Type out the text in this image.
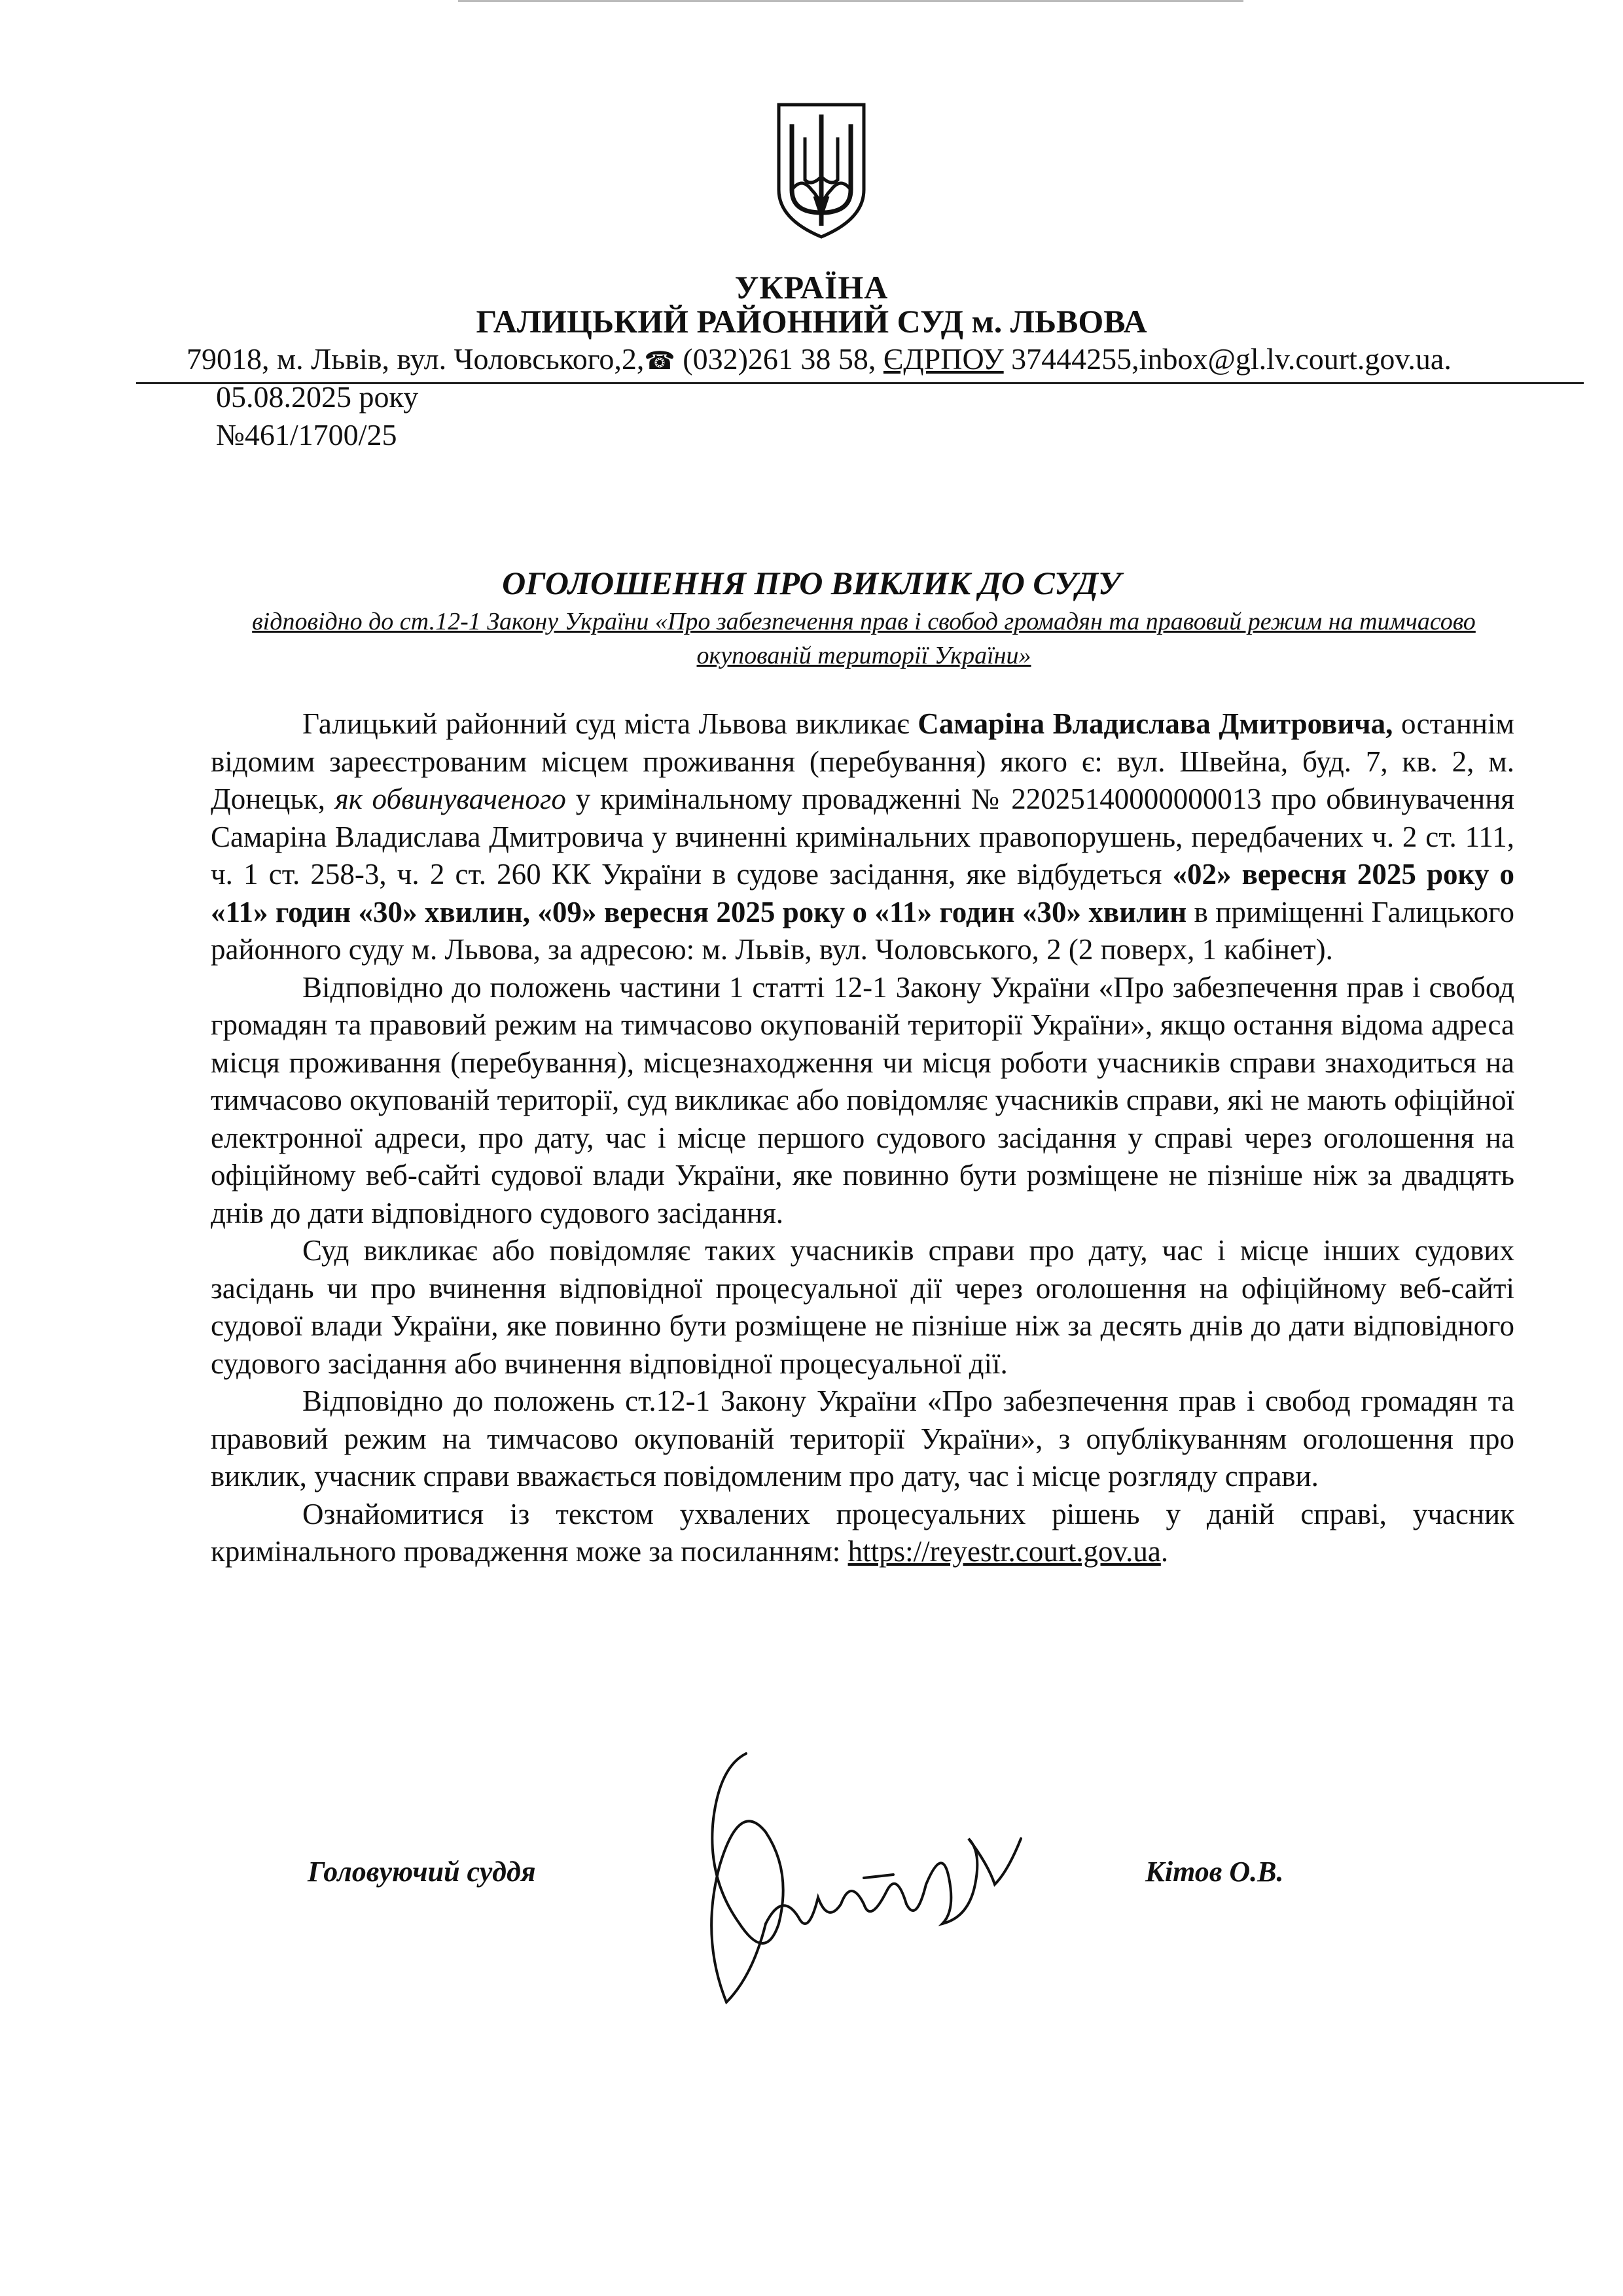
УКРАЇНА
ГАЛИЦЬКИЙ РАЙОННИЙ СУД м. ЛЬВОВА
79018, м. Львів, вул. Чоловського,2,☎ (032)261 38 58, ЄДРПОУ 37444255,inbox@gl.lv.court.gov.ua.
05.08.2025 року
№461/1700/25
ОГОЛОШЕННЯ ПРО ВИКЛИК ДО СУДУ
відповідно до ст.12-1 Закону України «Про забезпечення прав і свобод громадян та правовий режим на тимчасово окупованій території України»

Галицький районний суд міста Львова викликає Самаріна Владислава Дмитровича, останнім відомим зареєстрованим місцем проживання (перебування) якого є: вул. Швейна, буд. 7, кв. 2, м. Донецьк, як обвинуваченого у кримінальному провадженні № 22025140000000013 про обвинувачення Самаріна Владислава Дмитровича у вчиненні кримінальних правопорушень, передбачених ч. 2 ст. 111, ч. 1 ст. 258-3, ч. 2 ст. 260 КК України в судове засідання, яке відбудеться «02» вересня 2025 року о «11» годин «30» хвилин, «09» вересня 2025 року о «11» годин «30» хвилин в приміщенні Галицького районного суду м. Львова, за адресою: м. Львів, вул. Чоловського, 2 (2 поверх, 1 кабінет).

Відповідно до положень частини 1 статті 12-1 Закону України «Про забезпечення прав і свобод громадян та правовий режим на тимчасово окупованій території України», якщо остання відома адреса місця проживання (перебування), місцезнаходження чи місця роботи учасників справи знаходиться на тимчасово окупованій території, суд викликає або повідомляє учасників справи, які не мають офіційної електронної адреси, про дату, час і місце першого судового засідання у справі через оголошення на офіційному веб-сайті судової влади України, яке повинно бути розміщене не пізніше ніж за двадцять днів до дати відповідного судового засідання.

Суд викликає або повідомляє таких учасників справи про дату, час і місце інших судових засідань чи про вчинення відповідної процесуальної дії через оголошення на офіційному веб-сайті судової влади України, яке повинно бути розміщене не пізніше ніж за десять днів до дати відповідного судового засідання або вчинення відповідної процесуальної дії.

Відповідно до положень ст.12-1 Закону України «Про забезпечення прав і свобод громадян та правовий режим на тимчасово окупованій території України», з опублікуванням оголошення про виклик, учасник справи вважається повідомленим про дату, час і місце розгляду справи.

Ознайомитися із текстом ухвалених процесуальних рішень у даній справі, учасник кримінального провадження може за посиланням: https://reyestr.court.gov.ua.

Головуючий суддя	Кітов О.В.
